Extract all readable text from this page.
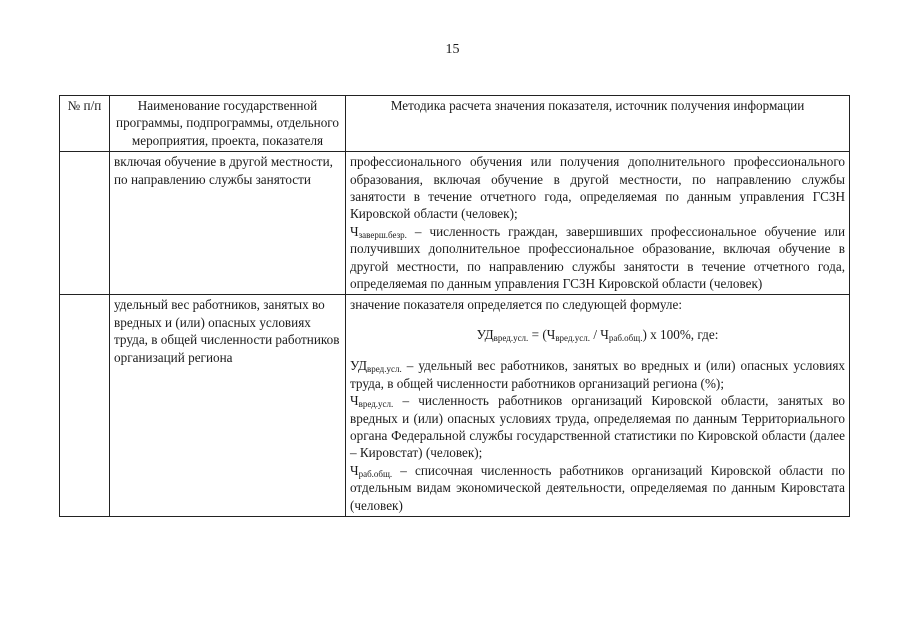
15
№ п/п	Наименование государственной программы, подпрограммы, отдельного мероприятия, проекта, показателя	Методика расчета значения показателя, источник получения информации
	включая обучение в другой местности, по направлению службы занятости	профессионального обучения или получения дополнительного профессионального образования, включая обучение в другой местности, по направлению службы занятости в течение отчетного года, определяемая по данным управления ГСЗН Кировской области (человек);

$Ч_{заверш.безр.}$ – численность граждан, завершивших профессиональное обучение или получивших дополнительное профессиональное образование, включая обучение в другой местности, по направлению службы занятости в течение отчетного года, определяемая по данным управления ГСЗН Кировской области (человек)

	удельный вес работников, занятых во вредных и (или) опасных условиях труда, в общей численности работников организаций региона	значение показателя определяется по следующей формуле:

$УД_{вред.усл.} = (Ч_{вред.усл.} / Ч_{раб.общ.})$ x 100%, где:

$УД_{вред.усл.}$ – удельный вес работников, занятых во вредных и (или) опасных условиях труда, в общей численности работников организаций региона (%);

$Ч_{вред.усл.}$ – численность работников организаций Кировской области, занятых во вредных и (или) опасных условиях труда, определяемая по данным Территориального органа Федеральной службы государственной статистики по Кировской области (далее – Кировстат) (человек);

$Ч_{раб.общ.}$ – списочная численность работников организаций Кировской области по отдельным видам экономической деятельности, определяемая по данным Кировстата (человек)
